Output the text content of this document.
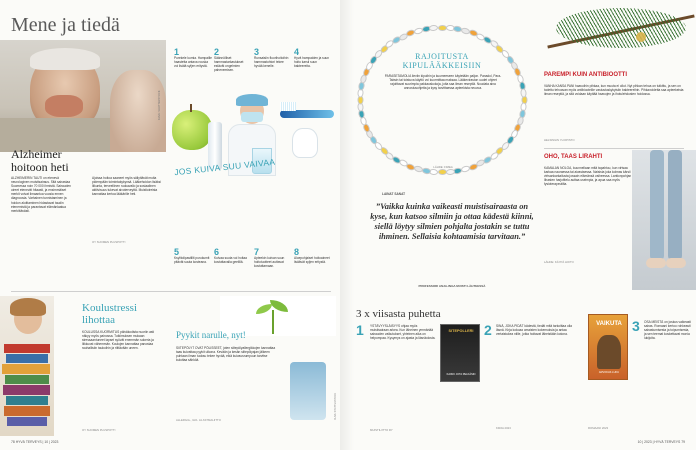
Mene ja tiedä
KUVA: SHUTTERSTOCK
Alzheimer hoitoon heti
ALZHEIMERIN TAUTI on etenevä neurologinen muistisairaus. Sitä sairastaa Suomessa noin 70 000 ihmistä. Sairauden oireet etenevät hitaasti, ja ensimmäiset merkit voivat ilmaantua vuosia ennen diagnoosia. Varhainen tunnistaminen ja hoidon aloittaminen hidastavat taudin etenemistä ja parantavat elämänlaatua merkittävästi.
Ajoissa hoitoa saaneet myös säilyttävät muita pidempään toimintakykynsä. Lääkehoidon lisäksi liikunta, terveellinen ruokavalio ja sosiaalinen aktiivisuus tukevat aivoterveyttä. Muistioireista kannattaa kertoa lääkärille heti.
OY SUOMEN PLUSPOTTI
1
Purekele kumia. Hampaille haastetta antava rouska voi lisätä syljen eritystä.
2
Säännölliset hammastarkastukset estävät ongelmien pahenemisen.
3
Runsaisiin fluorihoitoihin hammastohtori tekee hyvää kenelle.
4
Hyvä hampaiden ja suun hoito karsii suun bakteereita.
JOS KUIVA SUU VAIVAA
5
Ksylitolipastillit purukumit pitävät suuta kosteana.
6
Kuivaa suuta voi hoitaa kostuttavalla geelillä.
7
Apteekin kuivan suun hoitotuotteet auttavat kostuttamaan.
8
Aloepohjaiset hoitoaineet lisäävät syljen eritystä.
Koulustressi lihottaa
KOULUSSA KUORMITUS päiväkodista nuoriin asti näkyy myös painossa. Tutkimuksen mukaan stressaantuneet lapset syövät enemmän sokeria ja liikkuvat vähemmän. Koulujen kannattaa panostaa rauhallisiin taukoihin ja riittävään uneen.
OY SUOMEN PLUSPOTTI
Pyykit narulle, nyt!
SIITEPÖLYT OVAT PÖLISSEET, joten siitepölyallergikkojen kannattaa taas kuivattaa pyykit ulkona. Kevään ja kesän siitepölyajan jälkeen puhtaan ilman tuoksu tekee hyvää, eikä kuivausrumpuun tarvitse kuluttaa sähköä.
ALLERGIA-, IHO- JA ASTMALIITTO	KUVA: SHUTTERSTOCK
78 HYVÄ TERVEYS | 10 | 2023
RAJOITUSTA KIPULÄÄKKEISIIN
PARASETAMOLIA lieviin kipuihin ja kuumeeseen käytetään paljon. Panadol, Para-Tabsin tai toistuva käyttö voi kuormittaa maksaa. Lääkeviraston uudet ohjeet rajoittavat suurimpia pakkauskokoja, joita saa ilman reseptiä. Noudata aina annostusohjetta ja kysy tarvittaessa apteekista neuvoa.
LÄHDE: FIMEA
PAREMPI KUIN ANTIBIOOTTI
VANHA KANSA PANI haavoihin pihkaa, kun muuta ei ollut. Nyt pihkan tehoa on tutkittu, ja sen on todettu tehoavan myös antibiooteille vastustuskykyisiin bakteereihin. Pihkavoidetta saa apteekeista ilman reseptiä, ja sitä voidaan käyttää haavojen ja ihotulehdusten hoidossa.
HELSINGIN YLIOPISTO
OHO, TAAS LIRAHTI
KAMALAN NOLOA, kuunnellaan mitä tapahtuu, kun virtsaa karkaa nauraessa tai aivastaessa. Naisista joka kolmas kärsii virtsankarkailusta jossain elämänsä vaiheessa. Lantionpohjan lihasten harjoittelu auttaa useimpia, ja apua saa myös fysioterapeutilta.
LÄHDE: KÄYPÄ HOITO
LAINAT SANAT
”Vaikka kuinka vaikeasti muistisairaasta on kyse, kun katsoo silmiin ja ottaa kädestä kiinni, siellä löytyy silmien pohjalta jostakin se tuttu ihminen. Sellaisia kohtaamisia tarvitaan.”
PROFESSORI ANJA-INGA MUISTI LÄHTEESSÄ
3 x viisasta puhetta
1 YSTÄVYYSLÄISYYS ohjaa myös muistisairaan arkea. Kun läheinen ymmärtää sairauden vaikutukset, yhteinen aika on helpompaa. Kysymys on ajasta ja läsnäolosta.
MUISTILIITTO RY
SITEPOLLERI
KAIKKI JOTA PELKÄSIN
2 SINÄ, JOKA PIDÄT kädestä, tiedät mitä tarkoittaa olla läsnä. Kirja kokoaa omaisten kokemuksia ja antaa vertaistukea niille, jotka hoitavat läheistään kotona.
KIRJA 2023
VAIKUTA
ARVOKAS LUKU
3 OSA MEISTÄ on joskus vaikeasti sairas. Romaani kertoo rohkeasti sairastumisesta ja toipumisesta, ja sen teemat koskettavat monia lukijoita.
ROMAANI 2023
10 | 2023 | HYVÄ TERVEYS 79
